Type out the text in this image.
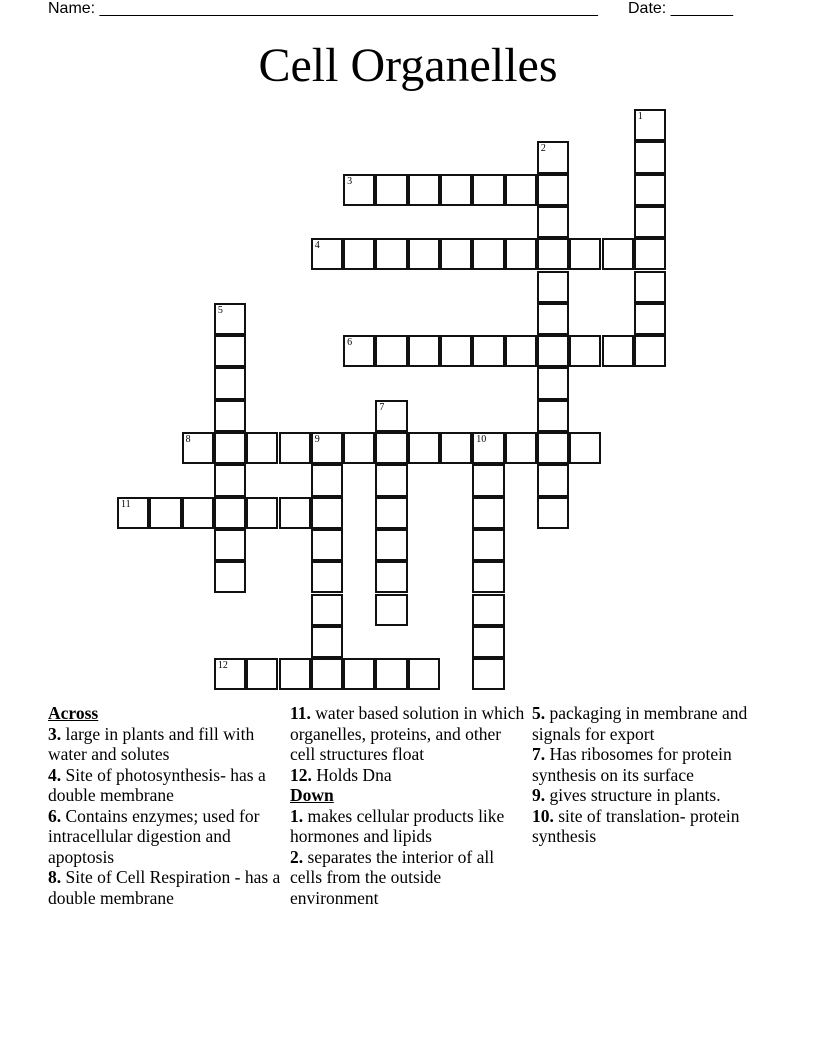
Name: ________________________________________________________ Date: _______
Cell Organelles
1
2
3
4
5
6
7
8	9	10
11
12
Across
3. large in plants and fill with water and solutes
4. Site of photosynthesis- has a double membrane
6. Contains enzymes; used for intracellular digestion and apoptosis
8. Site of Cell Respiration - has a double membrane
11. water based solution in which organelles, proteins, and other cell structures float
12. Holds Dna
Down
1. makes cellular products like hormones and lipids
2. separates the interior of all cells from the outside environment
5. packaging in membrane and signals for export
7. Has ribosomes for protein synthesis on its surface
9. gives structure in plants.
10. site of translation- protein synthesis
